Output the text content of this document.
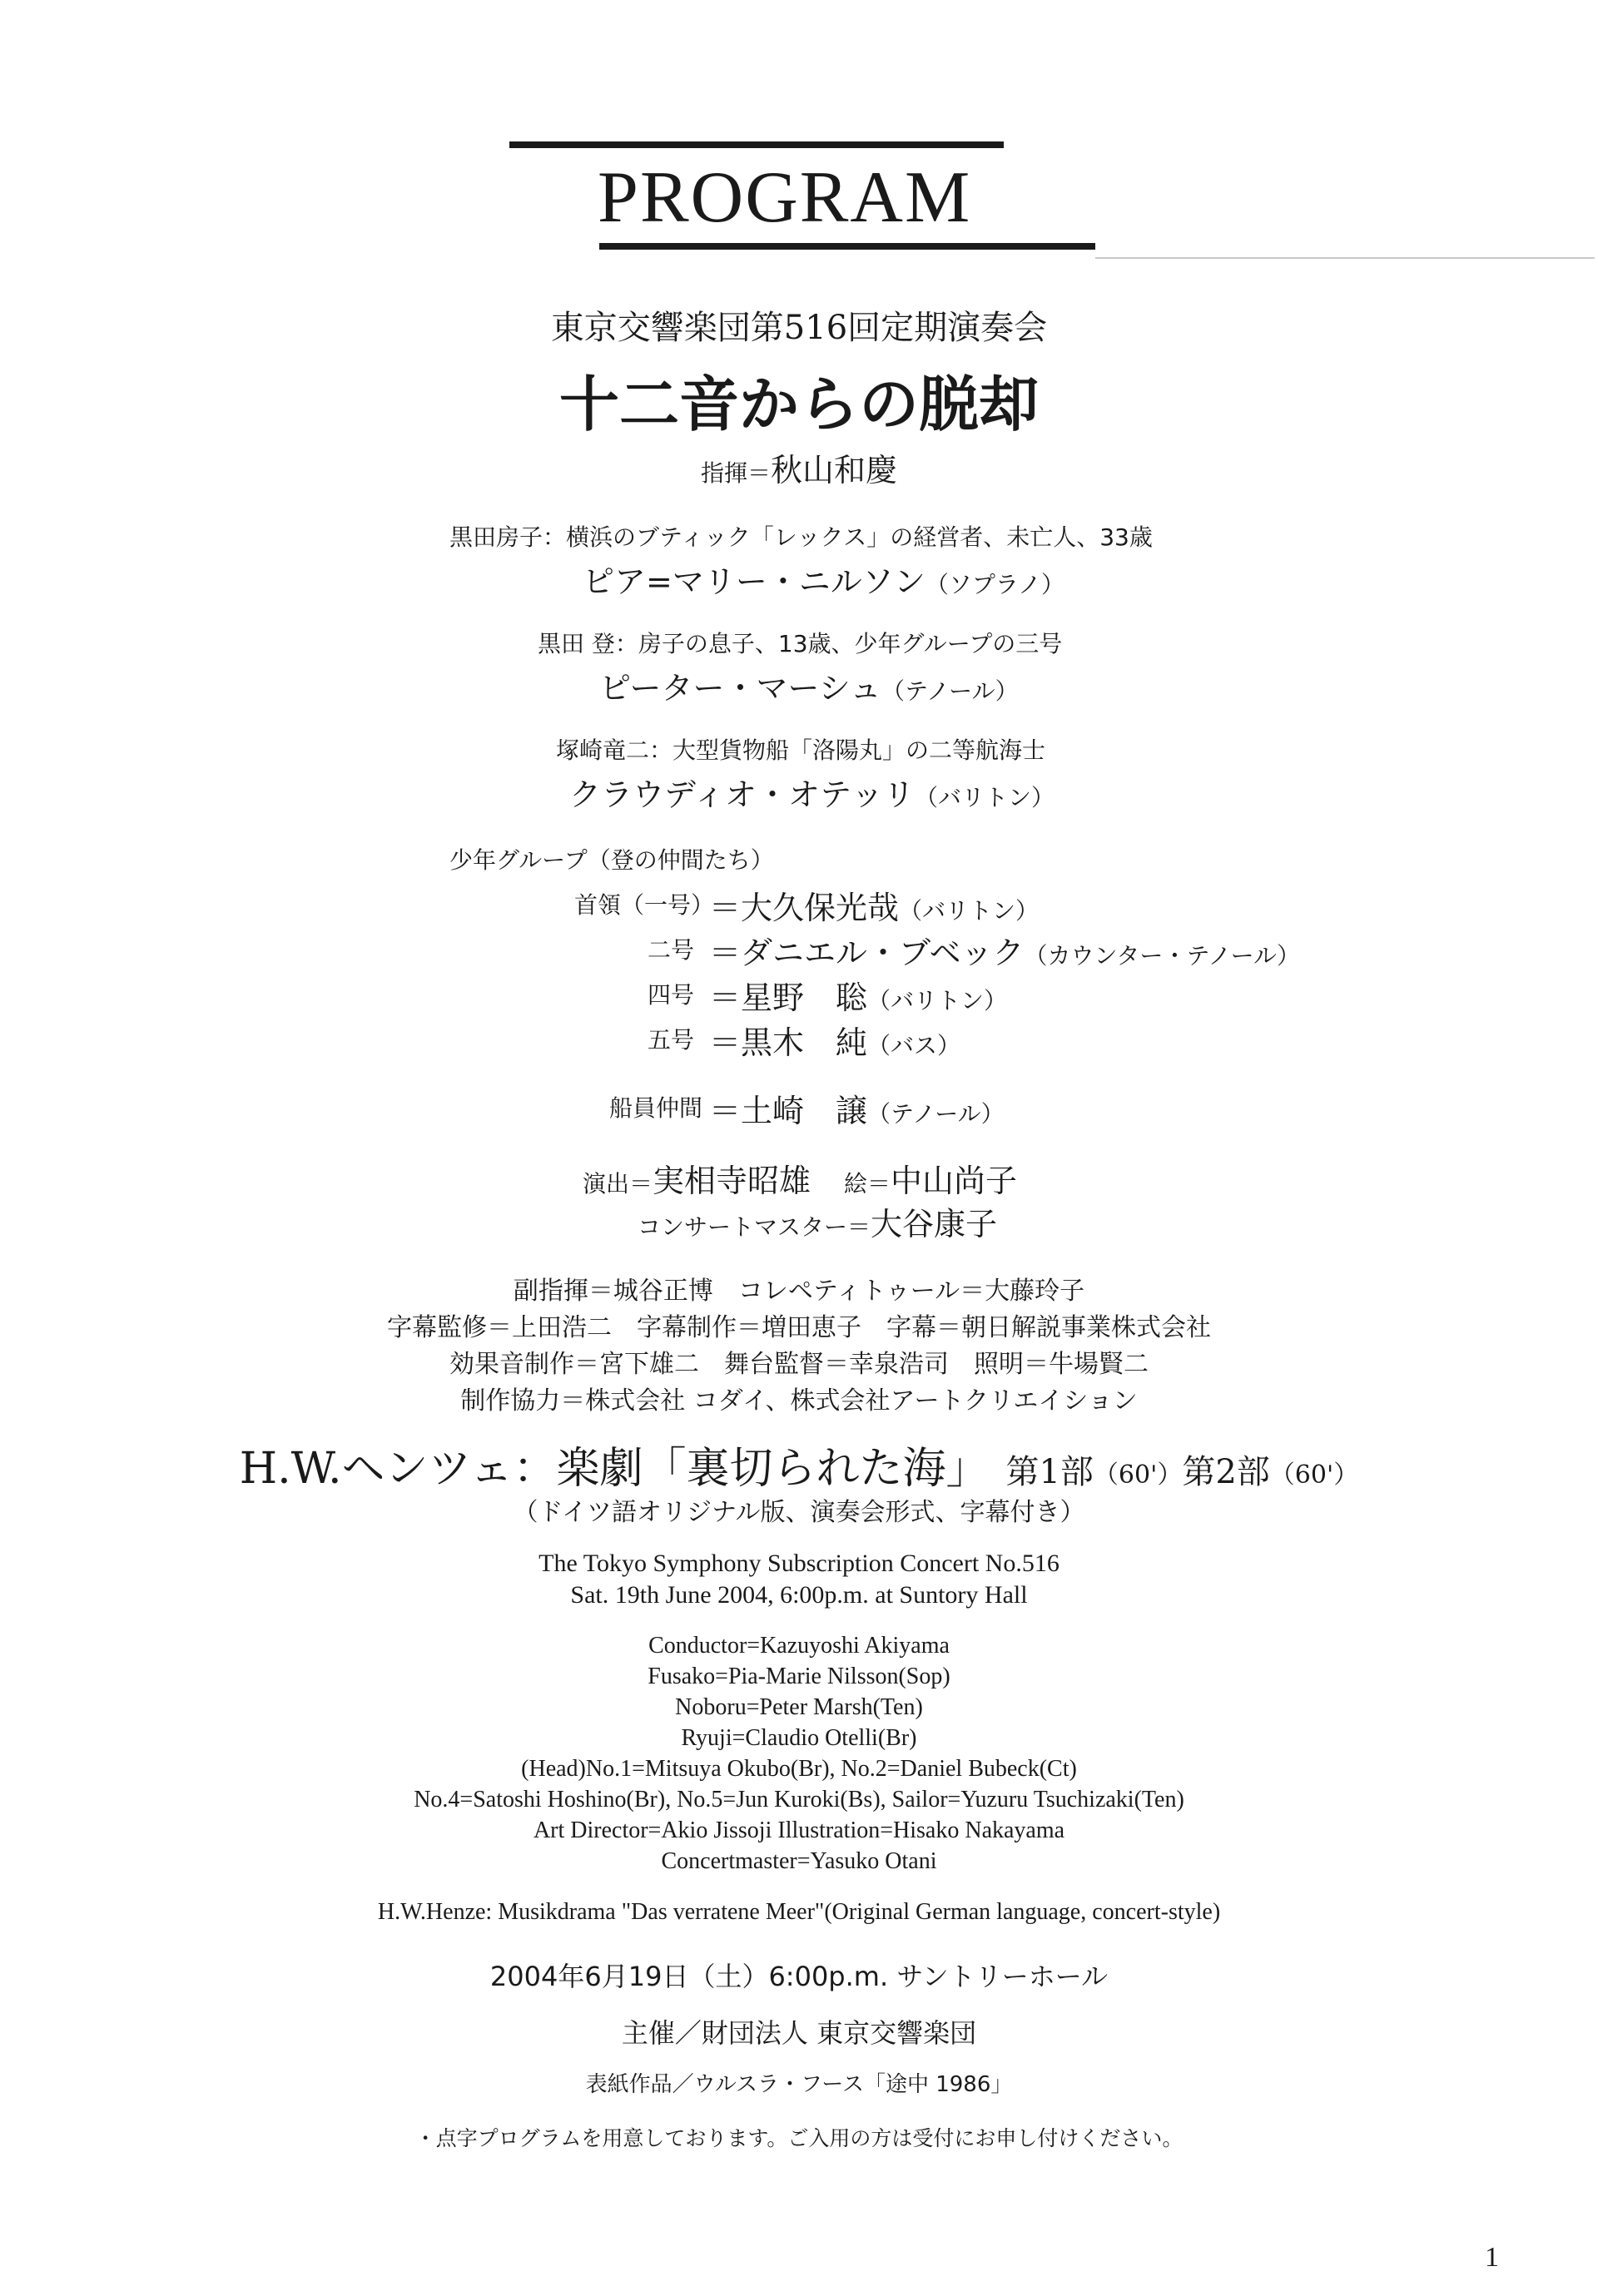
PROGRAM
東京交響楽団第516回定期演奏会
十二音からの脱却
指揮＝秋山和慶
黒田房子：横浜のブティック「レックス」の経営者、未亡人、33歳
ピア=マリー・ニルソン（ソプラノ）
黒田 登：房子の息子、13歳、少年グループの三号
ピーター・マーシュ（テノール）
塚崎竜二：大型貨物船「洛陽丸」の二等航海士
クラウディオ・オテッリ（バリトン）
少年グループ（登の仲間たち）
首領（一号）
＝大久保光哉（バリトン）
二号 ＝ダニエル・ブベック（カウンター・テノール）
四号 ＝星野　聡（バリトン）
五号 ＝黒木　純（バス）
船員仲間 ＝土崎　譲（テノール）
演出＝実相寺昭雄 絵＝中山尚子
コンサートマスター＝大谷康子
副指揮＝城谷正博　コレペティトゥール＝大藤玲子
字幕監修＝上田浩二　字幕制作＝増田恵子　字幕＝朝日解説事業株式会社
効果音制作＝宮下雄二　舞台監督＝幸泉浩司　照明＝牛場賢二
制作協力＝株式会社 コダイ、株式会社アートクリエイション
H.W.ヘンツェ：楽劇「裏切られた海」 第1部（60'）第2部（60'）
（ドイツ語オリジナル版、演奏会形式、字幕付き）
The Tokyo Symphony Subscription Concert No.516
Sat. 19th June 2004, 6:00p.m. at Suntory Hall
Conductor=Kazuyoshi Akiyama
Fusako=Pia-Marie Nilsson(Sop)
Noboru=Peter Marsh(Ten)
Ryuji=Claudio Otelli(Br)
(Head)No.1=Mitsuya Okubo(Br), No.2=Daniel Bubeck(Ct)
No.4=Satoshi Hoshino(Br), No.5=Jun Kuroki(Bs), Sailor=Yuzuru Tsuchizaki(Ten)
Art Director=Akio Jissoji Illustration=Hisako Nakayama
Concertmaster=Yasuko Otani
H.W.Henze: Musikdrama "Das verratene Meer"(Original German language, concert-style)
2004年6月19日（土）6:00p.m. サントリーホール
主催／財団法人 東京交響楽団
表紙作品／ウルスラ・フース「途中 1986」
・点字プログラムを用意しております。ご入用の方は受付にお申し付けください。
1
